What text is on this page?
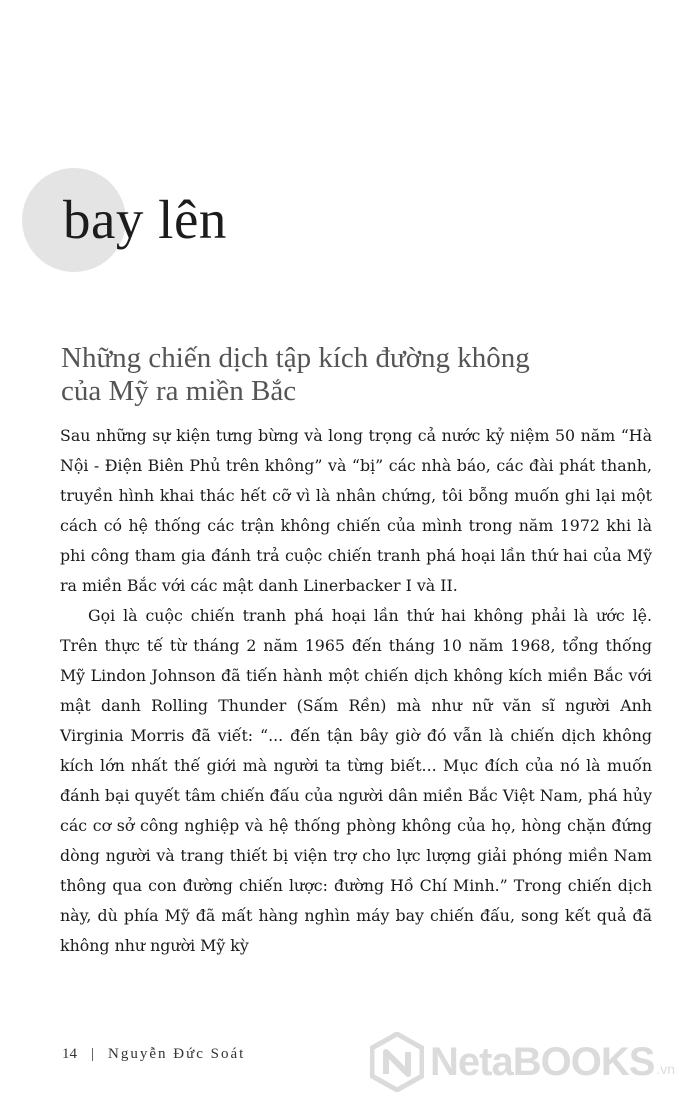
bay lên
Những chiến dịch tập kích đường không
của Mỹ ra miền Bắc

Sau những sự kiện tưng bừng và long trọng cả nước kỷ niệm 50 năm “Hà Nội - Điện Biên Phủ trên không” và “bị” các nhà báo, các đài phát thanh, truyền hình khai thác hết cỡ vì là nhân chứng, tôi bỗng muốn ghi lại một cách có hệ thống các trận không chiến của mình trong năm 1972 khi là phi công tham gia đánh trả cuộc chiến tranh phá hoại lần thứ hai của Mỹ ra miền Bắc với các mật danh Linerbacker I và II.

Gọi là cuộc chiến tranh phá hoại lần thứ hai không phải là ước lệ. Trên thực tế từ tháng 2 năm 1965 đến tháng 10 năm 1968, tổng thống Mỹ Lindon Johnson đã tiến hành một chiến dịch không kích miền Bắc với mật danh Rolling Thunder (Sấm Rền) mà như nữ văn sĩ người Anh Virginia Morris đã viết: “... đến tận bây giờ đó vẫn là chiến dịch không kích lớn nhất thế giới mà người ta từng biết... Mục đích của nó là muốn đánh bại quyết tâm chiến đấu của người dân miền Bắc Việt Nam, phá hủy các cơ sở công nghiệp và hệ thống phòng không của họ, hòng chặn đứng dòng người và trang thiết bị viện trợ cho lực lượng giải phóng miền Nam thông qua con đường chiến lược: đường Hồ Chí Minh.” Trong chiến dịch này, dù phía Mỹ đã mất hàng nghìn máy bay chiến đấu, song kết quả đã không như người Mỹ kỳ

14 | Nguyễn Đức Soát	NetaBOOKS .vn
